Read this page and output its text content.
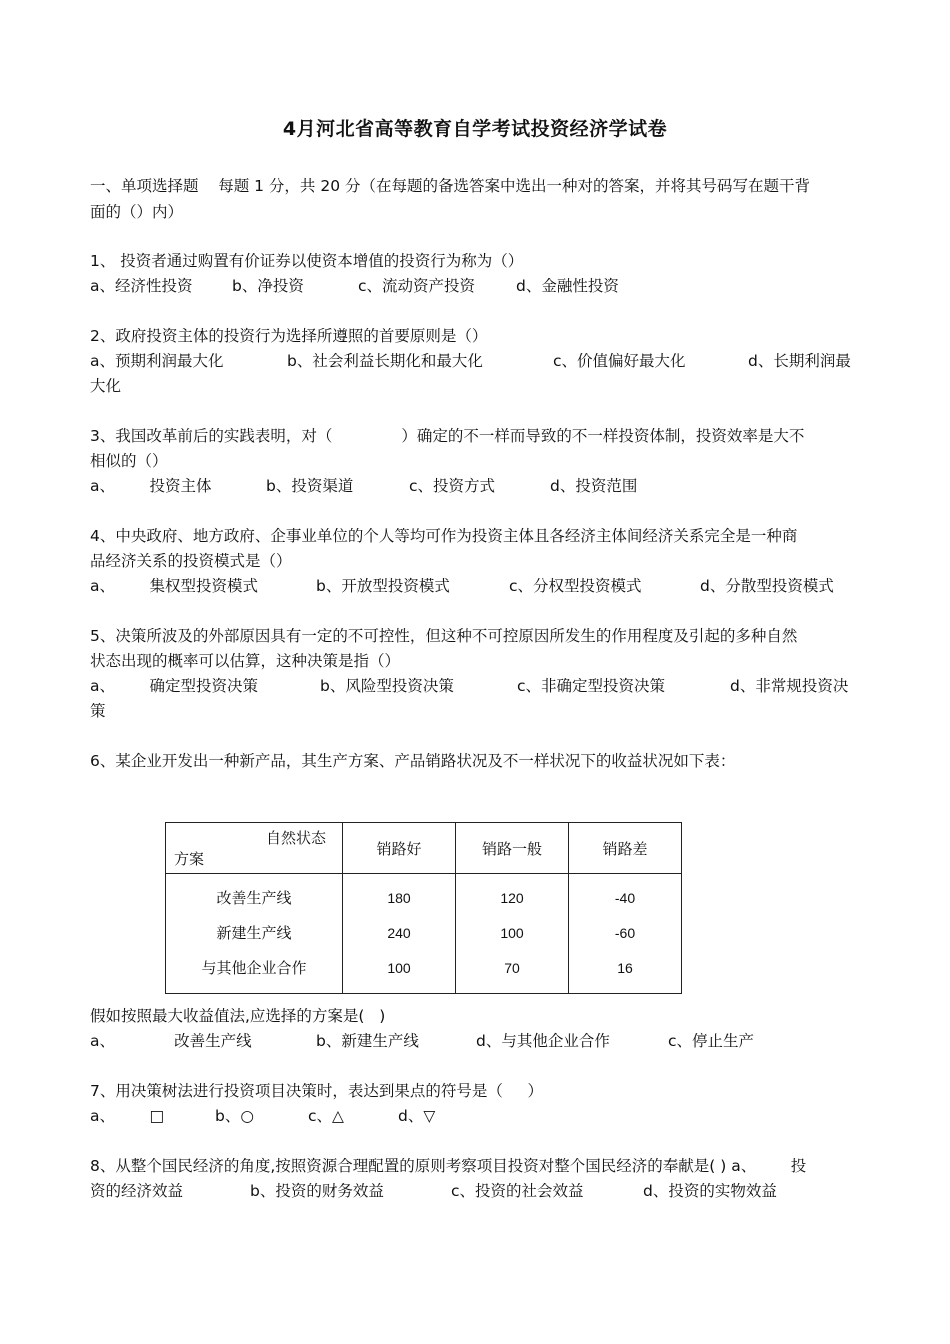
4月河北省高等教育自学考试投资经济学试卷
一、单项选择题    每题 1 分，共 20 分（在每题的备选答案中选出一种对的答案，并将其号码写在题干背
面的（）内）
1、 投资者通过购置有价证券以使资本增值的投资行为称为（）
a、经济性投资	b、净投资	c、流动资产投资	d、金融性投资
2、政府投资主体的投资行为选择所遵照的首要原则是（）
a、预期利润最大化	b、社会利益长期化和最大化	c、价值偏好最大化	d、长期利润最
大化
3、我国改革前后的实践表明，对（              ）确定的不一样而导致的不一样投资体制，投资效率是大不
相似的（）
a、       投资主体	b、投资渠道	c、投资方式	d、投资范围
4、中央政府、地方政府、企事业单位的个人等均可作为投资主体且各经济主体间经济关系完全是一种商
品经济关系的投资模式是（）
a、       集权型投资模式	b、开放型投资模式	c、分权型投资模式	d、分散型投资模式
5、决策所波及的外部原因具有一定的不可控性，但这种不可控原因所发生的作用程度及引起的多种自然
状态出现的概率可以估算，这种决策是指（）
a、       确定型投资决策	b、风险型投资决策	c、非确定型投资决策	d、非常规投资决
策
6、某企业开发出一种新产品，其生产方案、产品销路状况及不一样状况下的收益状况如下表：
自然状态
方案	销路好	销路一般	销路差
改善生产线	180	120	-40
新建生产线	240	100	-60
与其他企业合作	100	70	16
假如按照最大收益值法,应选择的方案是(   )
a、            改善生产线	b、新建生产线	d、与其他企业合作	c、停止生产
7、用决策树法进行投资项目决策时，表达到果点的符号是（     ）
a、       □	b、○	c、△	d、▽
8、从整个国民经济的角度,按照资源合理配置的原则考察项目投资对整个国民经济的奉献是( ) a、       投
资的经济效益	b、投资的财务效益	c、投资的社会效益	d、投资的实物效益
